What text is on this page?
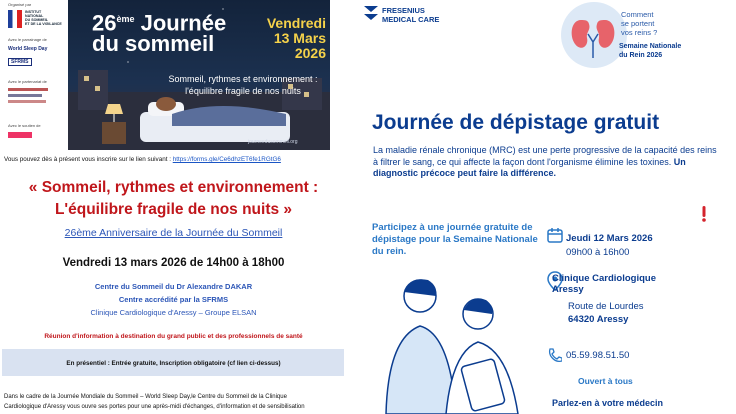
Organisé par
INSTITUT
NATIONAL
DU SOMMEIL
ET DE LA VIGILANCE
Avec le parrainage de
World Sleep Day
SFRMS
Avec le partenariat de
Avec le soutien de
26ème Journée
du sommeil
Vendredi
13 Mars
2026
Sommeil, rythmes et environnement :
l'équilibre fragile de nos nuits
journeedusommeil.org
Vous pouvez dès à présent vous inscrire sur le lien suivant : https://forms.gle/Ce6dhzET6fe1RGtG6
« Sommeil, rythmes et environnement :
L'équilibre fragile de nos nuits »
26ème Anniversaire de la Journée du Sommeil
Vendredi 13 mars 2026 de 14h00 à 18h00
Centre du Sommeil du Dr Alexandre DAKAR
Centre accrédité par la SFRMS
Clinique Cardiologique d'Aressy – Groupe ELSAN
Réunion d'information à destination du grand public et des professionnels de santé
En présentiel : Entrée gratuite, Inscription obligatoire (cf lien ci-dessus)
Dans le cadre de la Journée Mondiale du Sommeil – World Sleep Day,le Centre du Sommeil de la Clinique
Cardiologique d'Aressy vous ouvre ses portes pour une après-midi d'échanges, d'information et de sensibilisation
FRESENIUS
MEDICAL CARE	Comment
se portent
vos reins ?
Semaine Nationale
du Rein 2026
Journée de dépistage gratuit
La maladie rénale chronique (MRC) est une perte progressive de la capacité des reins à filtrer le sang, ce qui affecte la façon dont l'organisme élimine les toxines. Un diagnostic précoce peut faire la différence.
Participez à une journée gratuite de dépistage pour la Semaine Nationale du rein.
Jeudi 12 Mars 2026
09h00 à 16h00
Clinique Cardiologique
Aressy
Route de Lourdes
64320 Aressy
05.59.98.51.50
Ouvert à tous
Parlez-en à votre médecin
